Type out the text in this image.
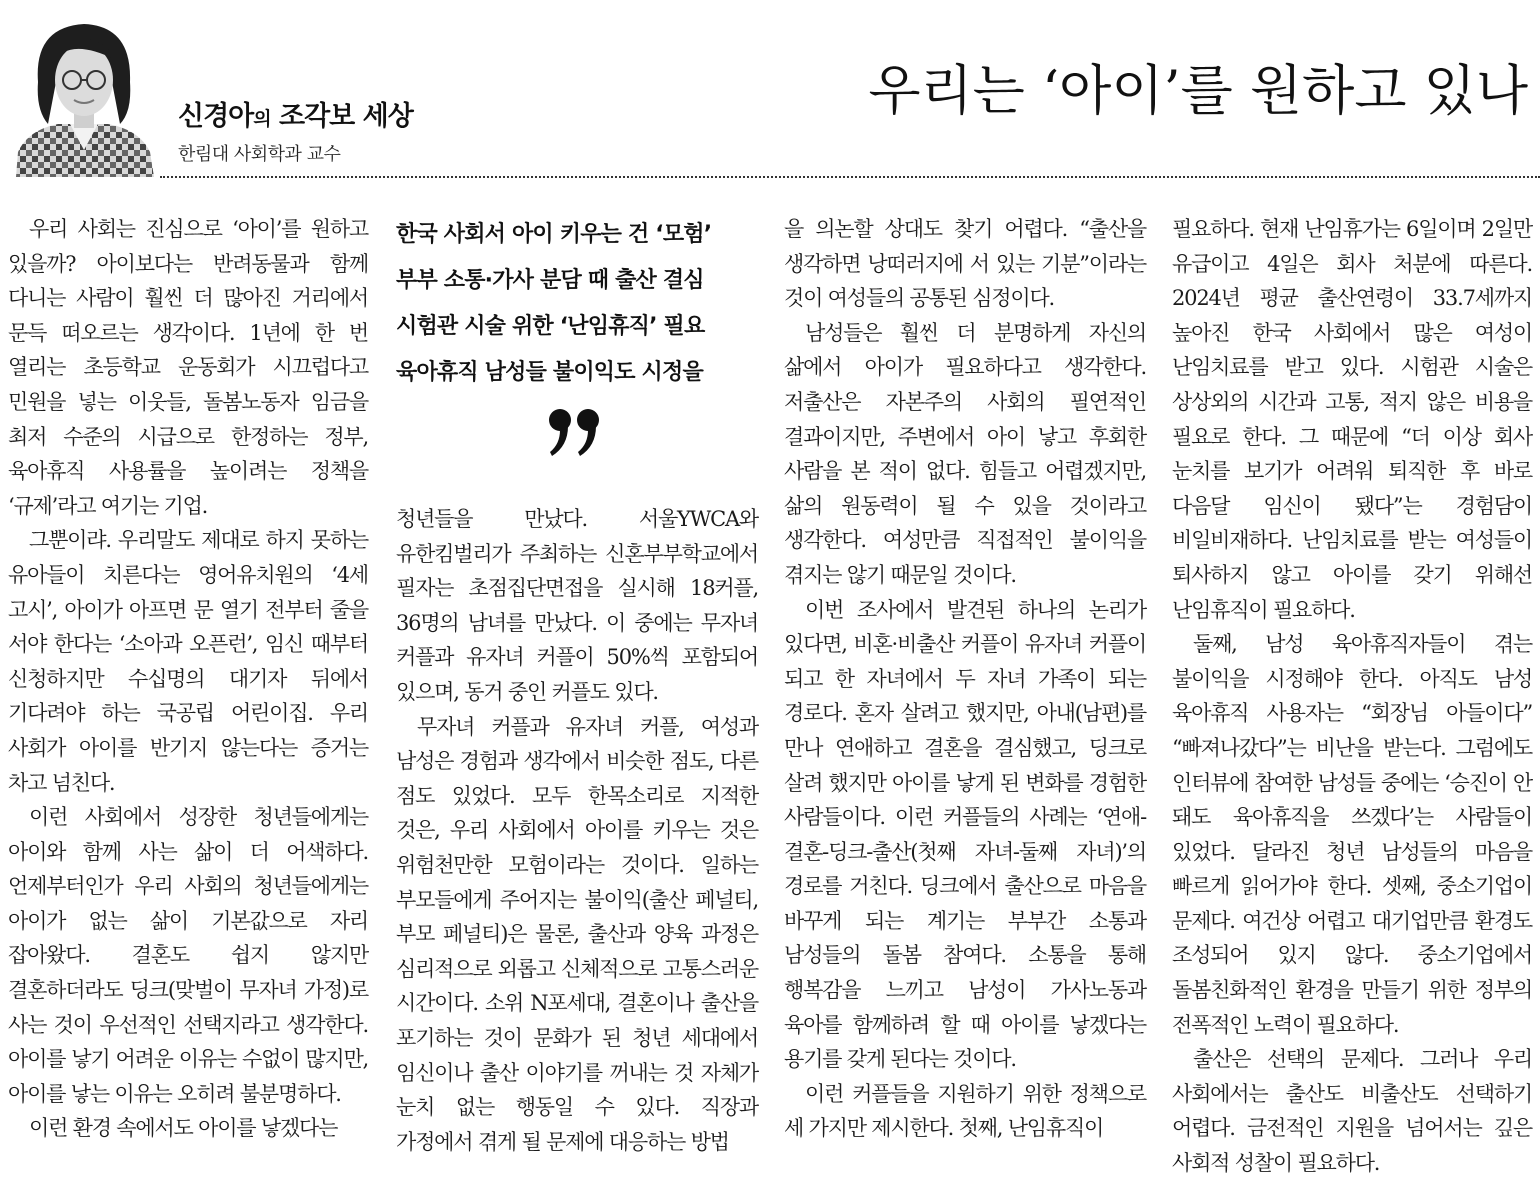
신경아의 조각보 세상
한림대 사회학과 교수
우리는 ‘아이’를 원하고 있나

우리 사회는 진심으로 ‘아이’를 원하고 있을까? 아이보다는 반려동물과 함께 다니는 사람이 훨씬 더 많아진 거리에서 문득 떠오르는 생각이다. 1년에 한 번 열리는 초등학교 운동회가 시끄럽다고 민원을 넣는 이웃들, 돌봄노동자 임금을 최저 수준의 시급으로 한정하는 정부, 육아휴직 사용률을 높이려는 정책을 ‘규제’라고 여기는 기업.

그뿐이랴. 우리말도 제대로 하지 못하는 유아들이 치른다는 영어유치원의 ‘4세 고시’, 아이가 아프면 문 열기 전부터 줄을 서야 한다는 ‘소아과 오픈런’, 임신 때부터 신청하지만 수십명의 대기자 뒤에서 기다려야 하는 국공립 어린이집. 우리 사회가 아이를 반기지 않는다는 증거는 차고 넘친다.

이런 사회에서 성장한 청년들에게는 아이와 함께 사는 삶이 더 어색하다. 언제부터인가 우리 사회의 청년들에게는 아이가 없는 삶이 기본값으로 자리 잡아왔다. 결혼도 쉽지 않지만 결혼하더라도 딩크(맞벌이 무자녀 가정)로 사는 것이 우선적인 선택지라고 생각한다. 아이를 낳기 어려운 이유는 수없이 많지만, 아이를 낳는 이유는 오히려 불분명하다.

이런 환경 속에서도 아이를 낳겠다는

한국 사회서 아이 키우는 건 ‘모험’
부부 소통·가사 분담 때 출산 결심
시험관 시술 위한 ‘난임휴직’ 필요
육아휴직 남성들 불이익도 시정을

청년들을 만났다. 서울YWCA와 유한킴벌리가 주최하는 신혼부부학교에서 필자는 초점집단면접을 실시해 18커플, 36명의 남녀를 만났다. 이 중에는 무자녀 커플과 유자녀 커플이 50%씩 포함되어 있으며, 동거 중인 커플도 있다.

무자녀 커플과 유자녀 커플, 여성과 남성은 경험과 생각에서 비슷한 점도, 다른 점도 있었다. 모두 한목소리로 지적한 것은, 우리 사회에서 아이를 키우는 것은 위험천만한 모험이라는 것이다. 일하는 부모들에게 주어지는 불이익(출산 페널티, 부모 페널티)은 물론, 출산과 양육 과정은 심리적으로 외롭고 신체적으로 고통스러운 시간이다. 소위 N포세대, 결혼이나 출산을 포기하는 것이 문화가 된 청년 세대에서 임신이나 출산 이야기를 꺼내는 것 자체가 눈치 없는 행동일 수 있다. 직장과 가정에서 겪게 될 문제에 대응하는 방법

을 의논할 상대도 찾기 어렵다. “출산을 생각하면 낭떠러지에 서 있는 기분”이라는 것이 여성들의 공통된 심정이다.

남성들은 훨씬 더 분명하게 자신의 삶에서 아이가 필요하다고 생각한다. 저출산은 자본주의 사회의 필연적인 결과이지만, 주변에서 아이 낳고 후회한 사람을 본 적이 없다. 힘들고 어렵겠지만, 삶의 원동력이 될 수 있을 것이라고 생각한다. 여성만큼 직접적인 불이익을 겪지는 않기 때문일 것이다.

이번 조사에서 발견된 하나의 논리가 있다면, 비혼·비출산 커플이 유자녀 커플이 되고 한 자녀에서 두 자녀 가족이 되는 경로다. 혼자 살려고 했지만, 아내(남편)를 만나 연애하고 결혼을 결심했고, 딩크로 살려 했지만 아이를 낳게 된 변화를 경험한 사람들이다. 이런 커플들의 사례는 ‘연애-결혼-딩크-출산(첫째 자녀-둘째 자녀)’의 경로를 거친다. 딩크에서 출산으로 마음을 바꾸게 되는 계기는 부부간 소통과 남성들의 돌봄 참여다. 소통을 통해 행복감을 느끼고 남성이 가사노동과 육아를 함께하려 할 때 아이를 낳겠다는 용기를 갖게 된다는 것이다.

이런 커플들을 지원하기 위한 정책으로 세 가지만 제시한다. 첫째, 난임휴직이

필요하다. 현재 난임휴가는 6일이며 2일만 유급이고 4일은 회사 처분에 따른다. 2024년 평균 출산연령이 33.7세까지 높아진 한국 사회에서 많은 여성이 난임치료를 받고 있다. 시험관 시술은 상상외의 시간과 고통, 적지 않은 비용을 필요로 한다. 그 때문에 “더 이상 회사 눈치를 보기가 어려워 퇴직한 후 바로 다음달 임신이 됐다”는 경험담이 비일비재하다. 난임치료를 받는 여성들이 퇴사하지 않고 아이를 갖기 위해선 난임휴직이 필요하다.

둘째, 남성 육아휴직자들이 겪는 불이익을 시정해야 한다. 아직도 남성 육아휴직 사용자는 “회장님 아들이다” “빠져나갔다”는 비난을 받는다. 그럼에도 인터뷰에 참여한 남성들 중에는 ‘승진이 안 돼도 육아휴직을 쓰겠다’는 사람들이 있었다. 달라진 청년 남성들의 마음을 빠르게 읽어가야 한다. 셋째, 중소기업이 문제다. 여건상 어렵고 대기업만큼 환경도 조성되어 있지 않다. 중소기업에서 돌봄친화적인 환경을 만들기 위한 정부의 전폭적인 노력이 필요하다.

출산은 선택의 문제다. 그러나 우리 사회에서는 출산도 비출산도 선택하기 어렵다. 금전적인 지원을 넘어서는 깊은 사회적 성찰이 필요하다.
